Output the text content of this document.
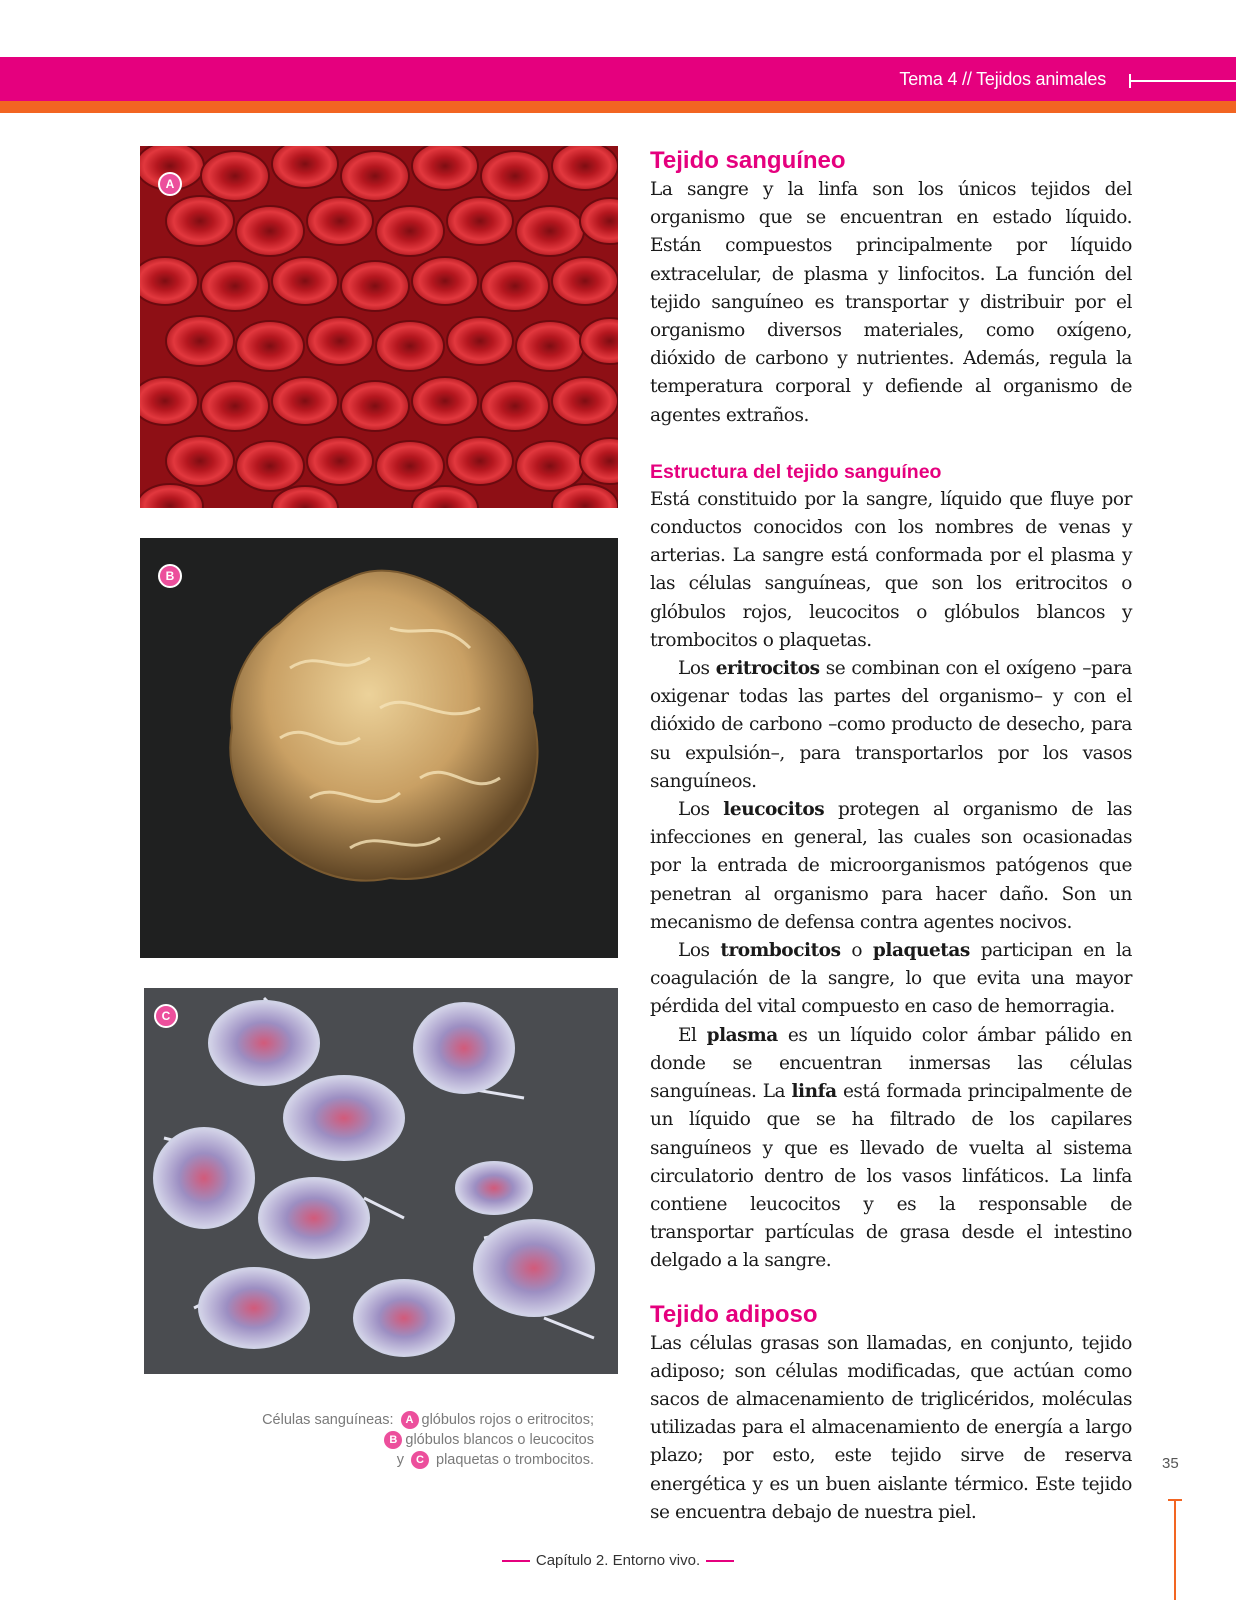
Tema 4 // Tejidos animales
A
B
C
Células sanguíneas: A glóbulos rojos o eritrocitos;
B glóbulos blancos o leucocitos
y C plaquetas o trombocitos.
Tejido sanguíneo

La sangre y la linfa son los únicos tejidos del organismo que se encuentran en estado líquido. Están compuestos principalmente por líquido extracelular, de plasma y linfocitos. La función del tejido sanguíneo es transportar y distribuir por el organismo diversos materiales, como oxígeno, dióxido de carbono y nutrientes. Además, regula la temperatura corporal y defiende al organismo de agentes extraños.

Estructura del tejido sanguíneo

Está constituido por la sangre, líquido que fluye por conductos conocidos con los nombres de venas y arterias. La sangre está conformada por el plasma y las células sanguíneas, que son los eritrocitos o glóbulos rojos, leucocitos o glóbulos blancos y trombocitos o plaquetas.

Los eritrocitos se combinan con el oxígeno –para oxigenar todas las partes del organismo– y con el dióxido de carbono –como producto de desecho, para su expulsión–, para transportarlos por los vasos sanguíneos.

Los leucocitos protegen al organismo de las infecciones en general, las cuales son ocasionadas por la entrada de microorganismos patógenos que penetran al organismo para hacer daño. Son un mecanismo de defensa contra agentes nocivos.

Los trombocitos o plaquetas participan en la coagulación de la sangre, lo que evita una mayor pérdida del vital compuesto en caso de hemorragia.

El plasma es un líquido color ámbar pálido en donde se encuentran inmersas las células sanguíneas. La linfa está formada principalmente de un líquido que se ha filtrado de los capilares sanguíneos y que es llevado de vuelta al sistema circulatorio dentro de los vasos linfáticos. La linfa contiene leucocitos y es la responsable de transportar partículas de grasa desde el intestino delgado a la sangre.

Tejido adiposo

Las células grasas son llamadas, en conjunto, tejido adiposo; son células modificadas, que actúan como sacos de almacenamiento de triglicéridos, moléculas utilizadas para el almacenamiento de energía a largo plazo; por esto, este tejido sirve de reserva energética y es un buen aislante térmico. Este tejido se encuentra debajo de nuestra piel.

35
Capítulo 2. Entorno vivo.
